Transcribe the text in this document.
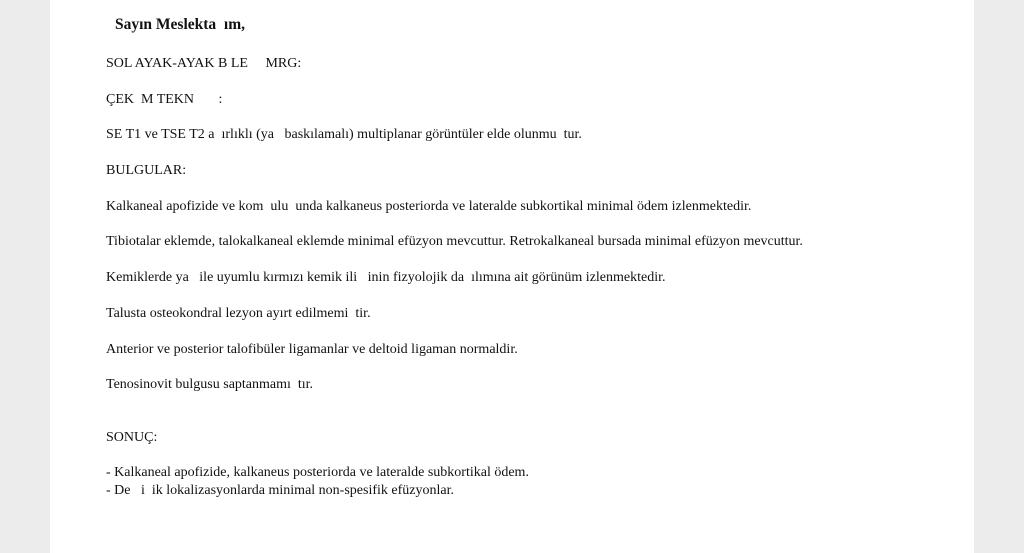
Sayın Meslekta  ım,
SOL AYAK-AYAK B LE     MRG:
ÇEK  M TEKN       :
SE T1 ve TSE T2 a  ırlıklı (ya   baskılamalı) multiplanar görüntüler elde olunmu  tur.
BULGULAR:
Kalkaneal apofizide ve kom  ulu  unda kalkaneus posteriorda ve lateralde subkortikal minimal ödem izlenmektedir.
Tibiotalar eklemde, talokalkaneal eklemde minimal efüzyon mevcuttur. Retrokalkaneal bursada minimal efüzyon mevcuttur.
Kemiklerde ya   ile uyumlu kırmızı kemik ili   inin fizyolojik da  ılımına ait görünüm izlenmektedir.
Talusta osteokondral lezyon ayırt edilmemi  tir.
Anterior ve posterior talofibüler ligamanlar ve deltoid ligaman normaldir.
Tenosinovit bulgusu saptanmamı  tır.
SONUÇ:
- Kalkaneal apofizide, kalkaneus posteriorda ve lateralde subkortikal ödem.
- De   i  ik lokalizasyonlarda minimal non-spesifik efüzyonlar.
